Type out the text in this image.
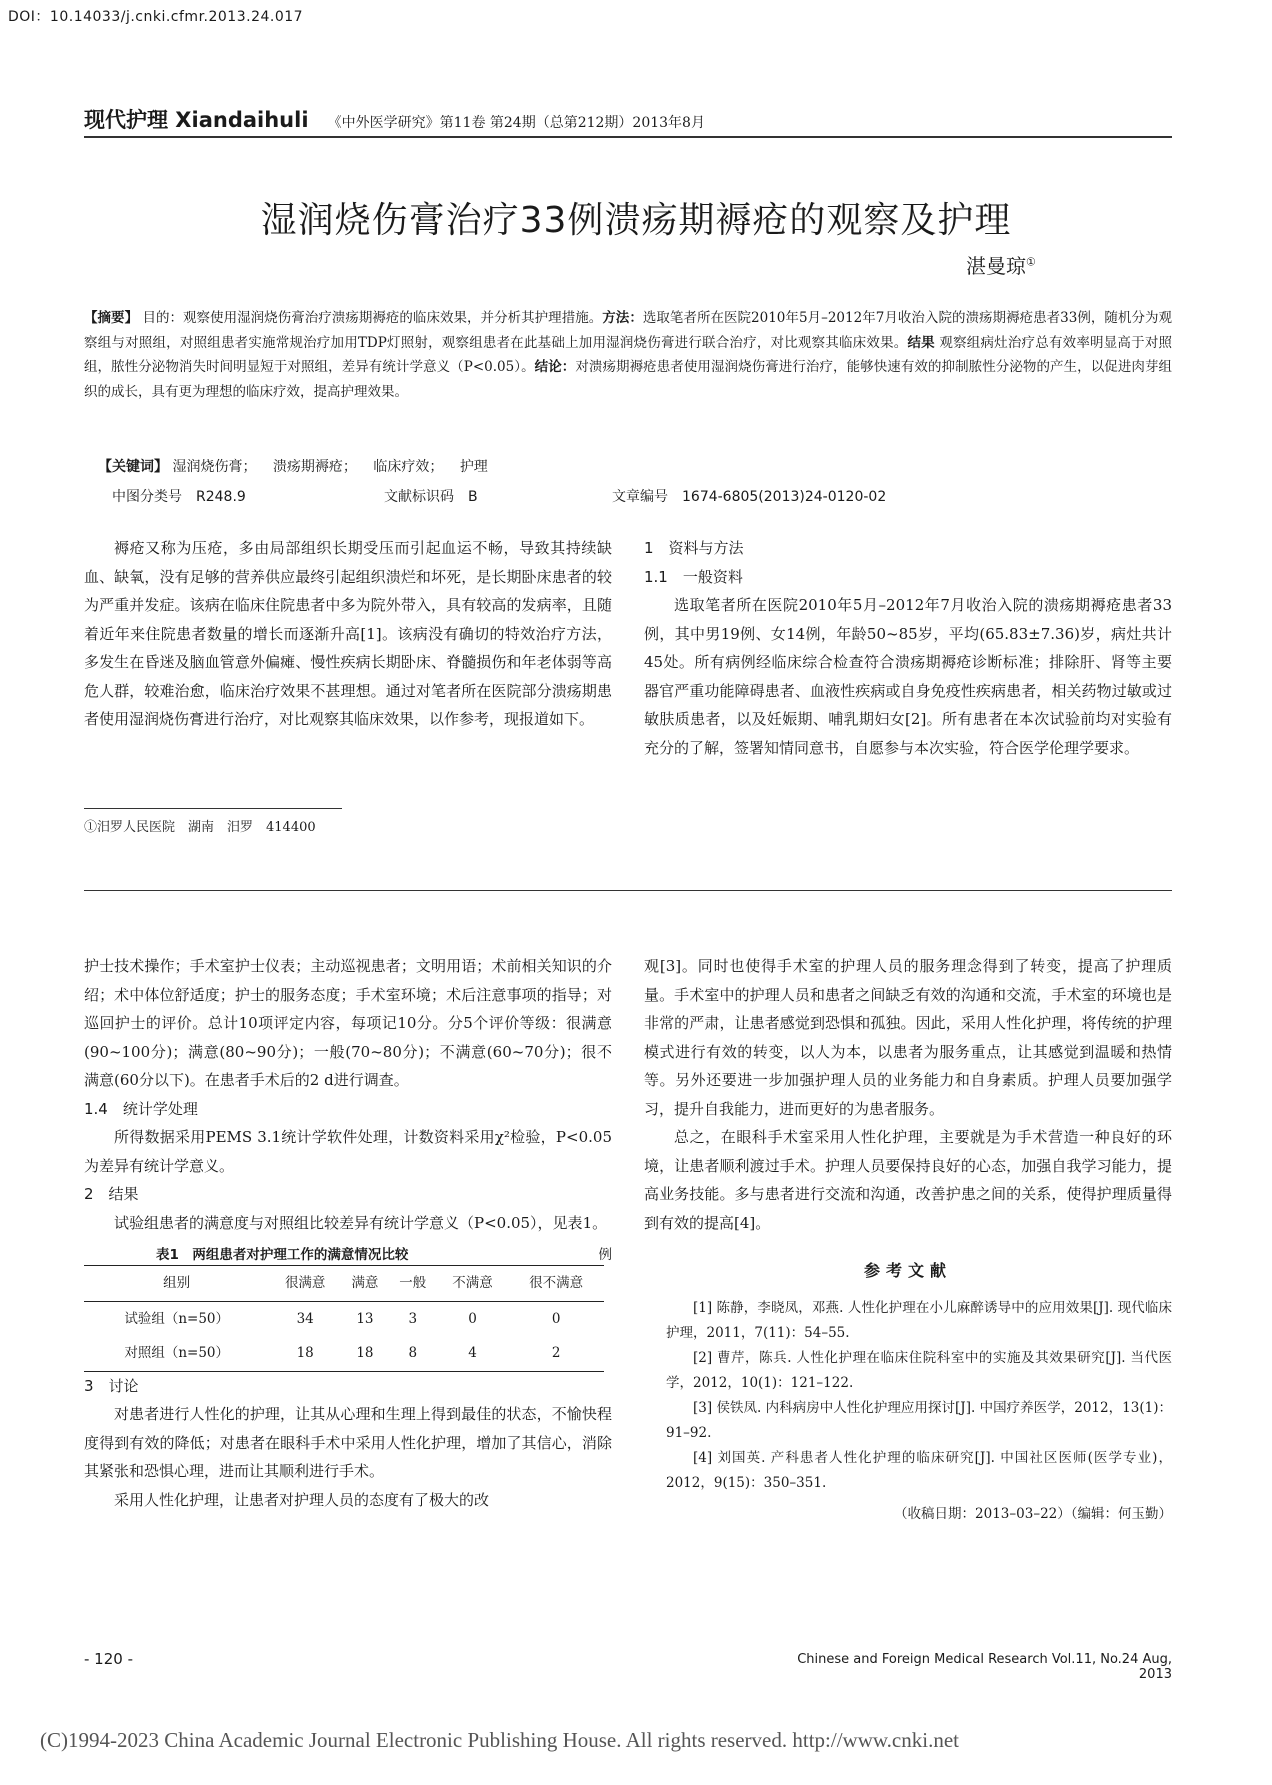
DOI：10.14033/j.cnki.cfmr.2013.24.017
现代护理 Xiandaihuli 《中外医学研究》第11卷 第24期（总第212期）2013年8月
湿润烧伤膏治疗33例溃疡期褥疮的观察及护理
湛曼琼①
【摘要】 目的：观察使用湿润烧伤膏治疗溃疡期褥疮的临床效果，并分析其护理措施。方法：选取笔者所在医院2010年5月–2012年7月收治入院的溃疡期褥疮患者33例，随机分为观察组与对照组，对照组患者实施常规治疗加用TDP灯照射，观察组患者在此基础上加用湿润烧伤膏进行联合治疗，对比观察其临床效果。结果 观察组病灶治疗总有效率明显高于对照组，脓性分泌物消失时间明显短于对照组，差异有统计学意义（P<0.05）。结论：对溃疡期褥疮患者使用湿润烧伤膏进行治疗，能够快速有效的抑制脓性分泌物的产生，以促进肉芽组织的成长，具有更为理想的临床疗效，提高护理效果。
【关键词】 湿润烧伤膏； 溃疡期褥疮； 临床疗效； 护理
中图分类号　R248.9	文献标识码　B	文章编号　1674-6805(2013)24-0120-02

褥疮又称为压疮，多由局部组织长期受压而引起血运不畅，导致其持续缺血、缺氧，没有足够的营养供应最终引起组织溃烂和坏死，是长期卧床患者的较为严重并发症。该病在临床住院患者中多为院外带入，具有较高的发病率，且随着近年来住院患者数量的增长而逐渐升高[1]。该病没有确切的特效治疗方法，多发生在昏迷及脑血管意外偏瘫、慢性疾病长期卧床、脊髓损伤和年老体弱等高危人群，较难治愈，临床治疗效果不甚理想。通过对笔者所在医院部分溃疡期患者使用湿润烧伤膏进行治疗，对比观察其临床效果，以作参考，现报道如下。

1　资料与方法
1.1　一般资料

选取笔者所在医院2010年5月–2012年7月收治入院的溃疡期褥疮患者33例，其中男19例、女14例，年龄50~85岁，平均(65.83±7.36)岁，病灶共计45处。所有病例经临床综合检查符合溃疡期褥疮诊断标准；排除肝、肾等主要器官严重功能障碍患者、血液性疾病或自身免疫性疾病患者，相关药物过敏或过敏肤质患者，以及妊娠期、哺乳期妇女[2]。所有患者在本次试验前均对实验有充分的了解，签署知情同意书，自愿参与本次实验，符合医学伦理学要求。

①汨罗人民医院　湖南　汨罗　414400

护士技术操作；手术室护士仪表；主动巡视患者；文明用语；术前相关知识的介绍；术中体位舒适度；护士的服务态度；手术室环境；术后注意事项的指导；对巡回护士的评价。总计10项评定内容，每项记10分。分5个评价等级：很满意(90~100分)；满意(80~90分)；一般(70~80分)；不满意(60~70分)；很不满意(60分以下)。在患者手术后的2 d进行调查。

1.4　统计学处理

所得数据采用PEMS 3.1统计学软件处理，计数资料采用χ²检验，P<0.05为差异有统计学意义。

2　结果

试验组患者的满意度与对照组比较差异有统计学意义（P<0.05），见表1。

表1　两组患者对护理工作的满意情况比较	例
组别	很满意	满意	一般	不满意	很不满意
试验组（n=50）	34	13	3	0	0
对照组（n=50）	18	18	8	4	2
3　讨论

对患者进行人性化的护理，让其从心理和生理上得到最佳的状态，不愉快程度得到有效的降低；对患者在眼科手术中采用人性化护理，增加了其信心，消除其紧张和恐惧心理，进而让其顺利进行手术。

采用人性化护理，让患者对护理人员的态度有了极大的改

观[3]。同时也使得手术室的护理人员的服务理念得到了转变，提高了护理质量。手术室中的护理人员和患者之间缺乏有效的沟通和交流，手术室的环境也是非常的严肃，让患者感觉到恐惧和孤独。因此，采用人性化护理，将传统的护理模式进行有效的转变，以人为本，以患者为服务重点，让其感觉到温暖和热情等。另外还要进一步加强护理人员的业务能力和自身素质。护理人员要加强学习，提升自我能力，进而更好的为患者服务。

总之，在眼科手术室采用人性化护理，主要就是为手术营造一种良好的环境，让患者顺利渡过手术。护理人员要保持良好的心态，加强自我学习能力，提高业务技能。多与患者进行交流和沟通，改善护患之间的关系，使得护理质量得到有效的提高[4]。

参考文献

[1] 陈静，李晓凤，邓燕. 人性化护理在小儿麻醉诱导中的应用效果[J]. 现代临床护理，2011，7(11)：54–55.

[2] 曹芹，陈兵. 人性化护理在临床住院科室中的实施及其效果研究[J]. 当代医学，2012，10(1)：121–122.

[3] 侯铁凤. 内科病房中人性化护理应用探讨[J]. 中国疗养医学，2012，13(1)：91–92.

[4] 刘国英. 产科患者人性化护理的临床研究[J]. 中国社区医师(医学专业)，2012，9(15)：350–351.

（收稿日期：2013–03–22）（编辑：何玉勤）
- 120 -	Chinese and Foreign Medical Research Vol.11, No.24 Aug, 2013
(C)1994-2023 China Academic Journal Electronic Publishing House. All rights reserved. http://www.cnki.net
